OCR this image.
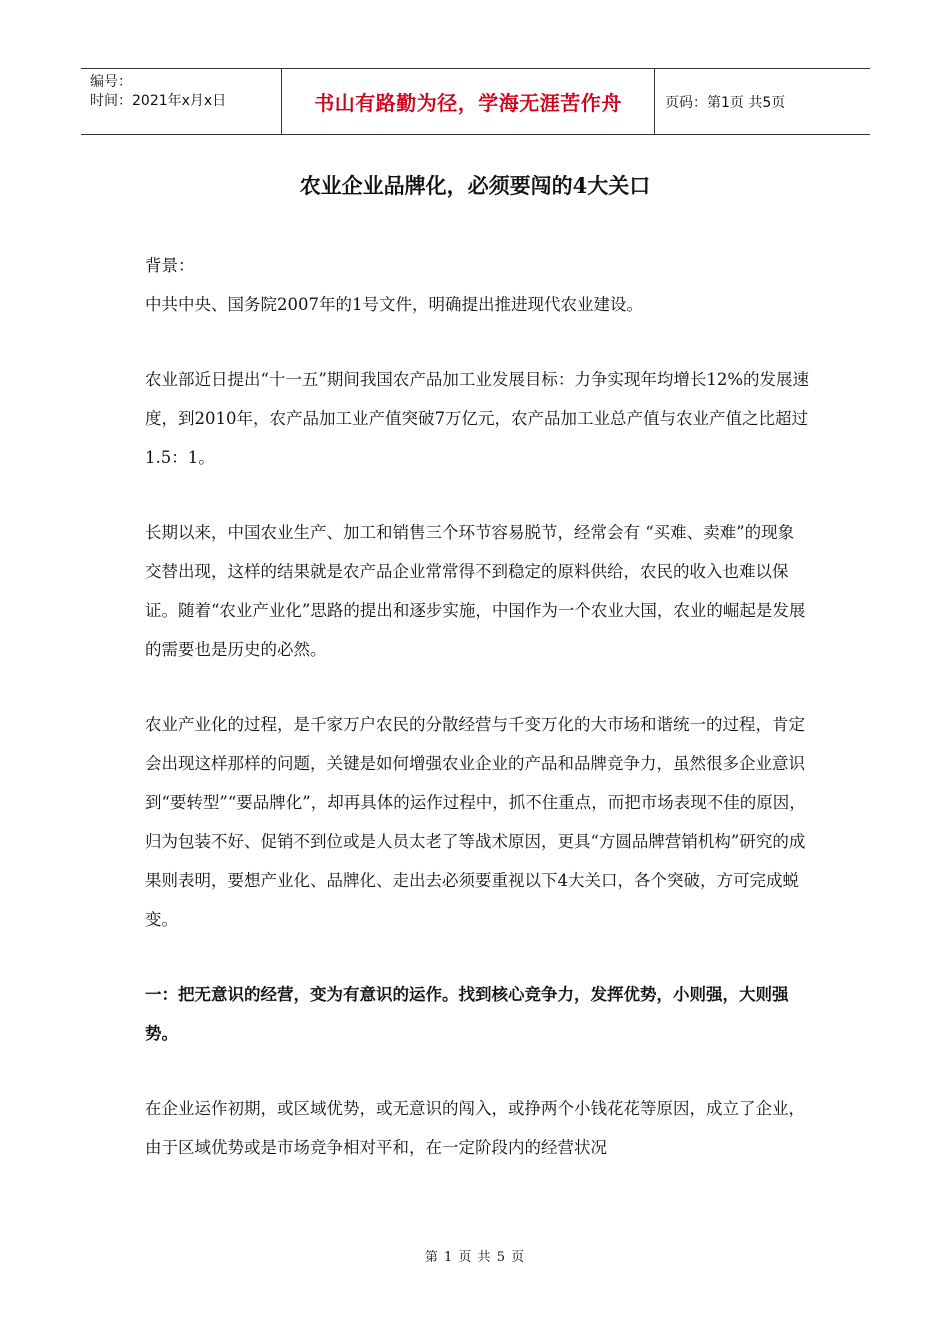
编号：
时间：2021年x月x日	书山有路勤为径，学海无涯苦作舟	页码：第1页 共5页
农业企业品牌化，必须要闯的4大关口

背景：

中共中央、国务院2007年的1号文件，明确提出推进现代农业建设。

农业部近日提出“十一五”期间我国农产品加工业发展目标：力争实现年均增长12%的发展速度，到2010年，农产品加工业产值突破7万亿元，农产品加工业总产值与农业产值之比超过1.5：1。

长期以来，中国农业生产、加工和销售三个环节容易脱节，经常会有 “买难、卖难”的现象交替出现，这样的结果就是农产品企业常常得不到稳定的原料供给，农民的收入也难以保证。随着“农业产业化”思路的提出和逐步实施，中国作为一个农业大国，农业的崛起是发展的需要也是历史的必然。

农业产业化的过程，是千家万户农民的分散经营与千变万化的大市场和谐统一的过程，肯定会出现这样那样的问题，关键是如何增强农业企业的产品和品牌竞争力，虽然很多企业意识到“要转型”“要品牌化”，却再具体的运作过程中，抓不住重点，而把市场表现不佳的原因，归为包装不好、促销不到位或是人员太老了等战术原因，更具“方圆品牌营销机构”研究的成果则表明，要想产业化、品牌化、走出去必须要重视以下4大关口，各个突破，方可完成蜕变。

一：把无意识的经营，变为有意识的运作。找到核心竞争力，发挥优势，小则强，大则强势。

在企业运作初期，或区域优势，或无意识的闯入，或挣两个小钱花花等原因，成立了企业，由于区域优势或是市场竞争相对平和，在一定阶段内的经营状况

第 1 页 共 5 页
